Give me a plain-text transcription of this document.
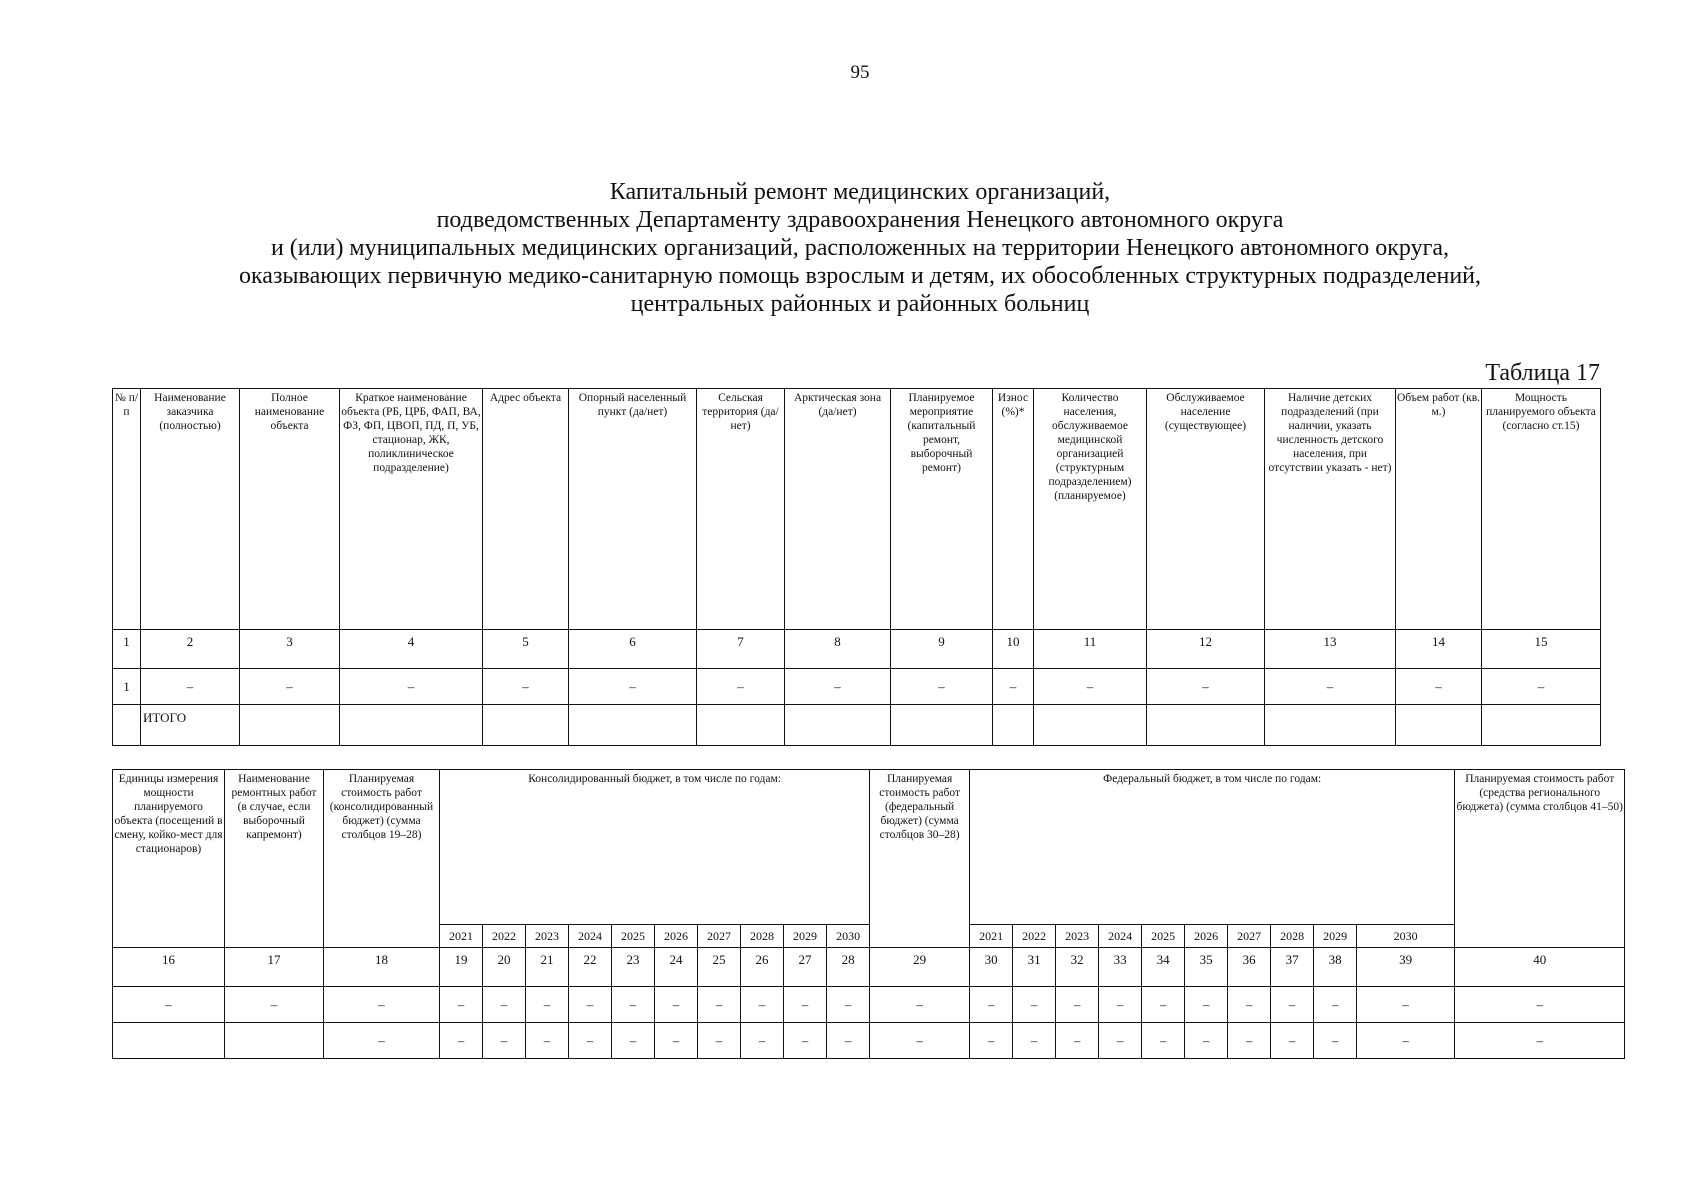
95
Капитальный ремонт медицинских организаций,
подведомственных Департаменту здравоохранения Ненецкого автономного округа
и (или) муниципальных медицинских организаций, расположенных на территории Ненецкого автономного округа,
оказывающих первичную медико-санитарную помощь взрослым и детям, их обособленных структурных подразделений,
центральных районных и районных больниц
Таблица 17
№ п/п	Наименование заказчика (полностью)	Полное наименование объекта	Краткое наименование объекта (РБ, ЦРБ, ФАП, ВА, ФЗ, ФП, ЦВОП, ПД, П, УБ, стационар, ЖК, поликлиническое подразделение)	Адрес объекта	Опорный населенный пункт (да/нет)	Сельская территория (да/нет)	Арктическая зона (да/нет)	Планируемое мероприятие (капитальный ремонт, выборочный ремонт)	Износ (%)*	Количество населения, обслуживаемое медицинской организацией (структурным подразделением) (планируемое)	Обслуживаемое население (существующее)	Наличие детских подразделений (при наличии, указать численность детского населения, при отсутствии указать - нет)	Объем работ (кв. м.)	Мощность планируемого объекта (согласно ст.15)
1	2	3	4	5	6	7	8	9	10	11	12	13	14	15
1	–	–	–	–	–	–	–	–	–	–	–	–	–	–
	ИТОГО													
Единицы измерения мощности планируемого объекта (посещений в смену, койко-мест для стационаров)	Наименование ремонтных работ (в случае, если выборочный капремонт)	Планируемая стоимость работ (консолидированный бюджет) (сумма столбцов 19–28)	Консолидированный бюджет, в том числе по годам:										Планируемая стоимость работ (федеральный бюджет) (сумма столбцов 30–28)	Федеральный бюджет, в том числе по годам:										Планируемая стоимость работ (средства регионального бюджета) (сумма столбцов 41–50)
			2021	2022	2023	2024	2025	2026	2027	2028	2029	2030		2021	2022	2023	2024	2025	2026	2027	2028	2029	2030	
16	17	18	19	20	21	22	23	24	25	26	27	28	29	30	31	32	33	34	35	36	37	38	39	40
–	–	–	–	–	–	–	–	–	–	–	–	–	–	–	–	–	–	–	–	–	–	–	–	–
		–	–	–	–	–	–	–	–	–	–	–	–	–	–	–	–	–	–	–	–	–	–	–
